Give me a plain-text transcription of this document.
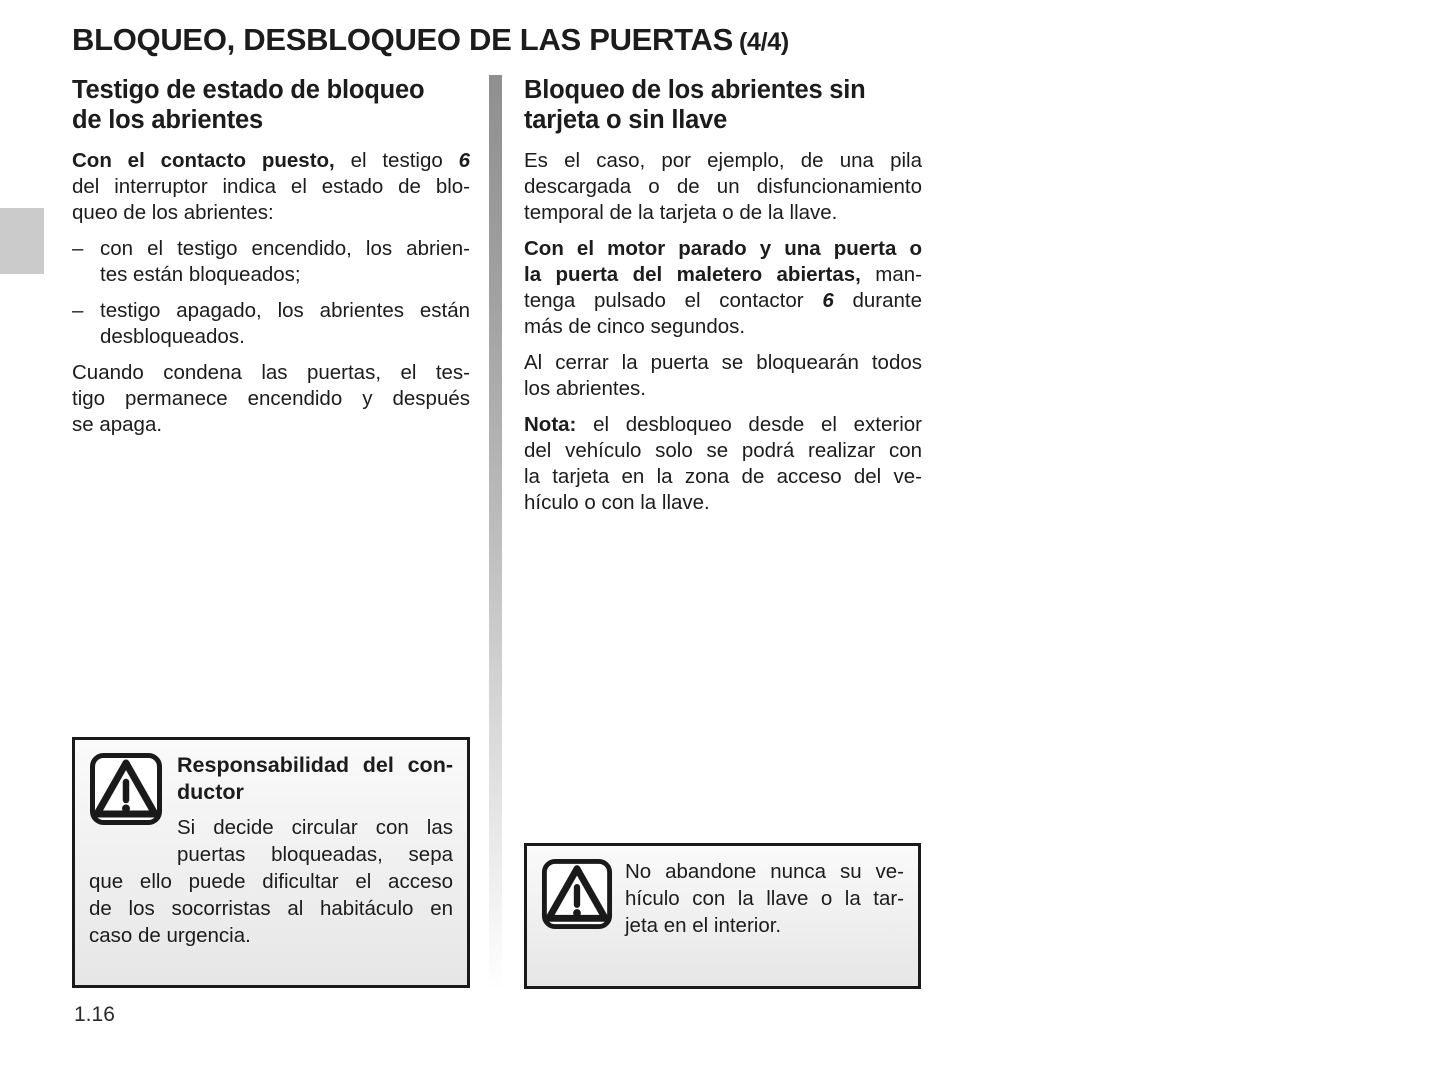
BLOQUEO, DESBLOQUEO DE LAS PUERTAS (4/4)
Testigo de estado de bloqueo
de los abrientes
Con el contacto puesto, el testigo 6
del interruptor indica el estado de blo-
queo de los abrientes:
– con el testigo encendido, los abrien-
tes están bloqueados;
– testigo apagado, los abrientes están
desbloqueados.
Cuando condena las puertas, el tes-
tigo permanece encendido y después
se apaga.
Bloqueo de los abrientes sin
tarjeta o sin llave
Es el caso, por ejemplo, de una pila
descargada o de un disfuncionamiento
temporal de la tarjeta o de la llave.
Con el motor parado y una puerta o
la puerta del maletero abiertas, man-
tenga pulsado el contactor 6 durante
más de cinco segundos.
Al cerrar la puerta se bloquearán todos
los abrientes.
Nota: el desbloqueo desde el exterior
del vehículo solo se podrá realizar con
la tarjeta en la zona de acceso del ve-
hículo o con la llave.
Responsabilidad del con-
ductor
Si decide circular con las
puertas bloqueadas, sepa
que ello puede dificultar el acceso
de los socorristas al habitáculo en
caso de urgencia.
No abandone nunca su ve-
hículo con la llave o la tar-
jeta en el interior.
1.16
